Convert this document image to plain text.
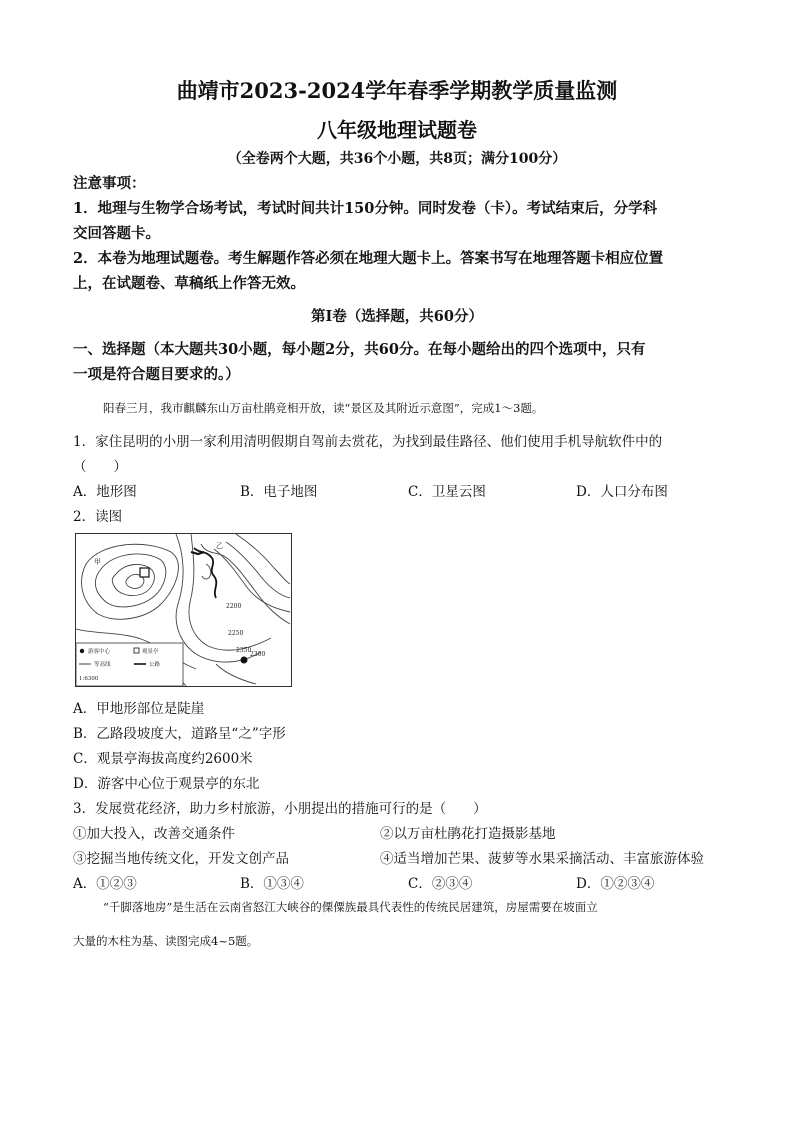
曲靖市2023-2024学年春季学期教学质量监测
八年级地理试题卷
（全卷两个大题，共36个小题，共8页；满分100分）
注意事项：
1．地理与生物学合场考试，考试时间共计150分钟。同时发卷（卡）。考试结束后，分学科
交回答题卡。
2．本卷为地理试题卷。考生解题作答必须在地理大题卡上。答案书写在地理答题卡相应位置
上，在试题卷、草稿纸上作答无效。
第Ⅰ卷（选择题，共60分）
一、选择题（本大题共30小题，每小题2分，共60分。在每小题给出的四个选项中，只有
一项是符合题目要求的。）
阳春三月，我市麒麟东山万亩杜鹃竞相开放，读“景区及其附近示意图”，完成1～3题。
1．家住昆明的小朋一家利用清明假期自驾前去赏花，为找到最佳路径、他们使用手机导航软件中的
（　　）
A．地形图	B．电子地图	C．卫星云图	D．人口分布图
2．读图
甲
乙
2200
2250
2300
2350
游客中心	观景亭
等高线	公路
1:6300
A．甲地形部位是陡崖
B．乙路段坡度大，道路呈“之”字形
C．观景亭海拔高度约2600米
D．游客中心位于观景亭的东北
3．发展赏花经济，助力乡村旅游，小朋提出的措施可行的是（　　）
①加大投入，改善交通条件	②以万亩杜鹃花打造摄影基地
③挖掘当地传统文化，开发文创产品	④适当增加芒果、菠萝等水果采摘活动、丰富旅游体验
A．①②③	B．①③④	C．②③④	D．①②③④
“千脚落地房”是生活在云南省怒江大峡谷的傈僳族最具代表性的传统民居建筑，房屋需要在坡面立
大量的木柱为基、读图完成4~5题。
